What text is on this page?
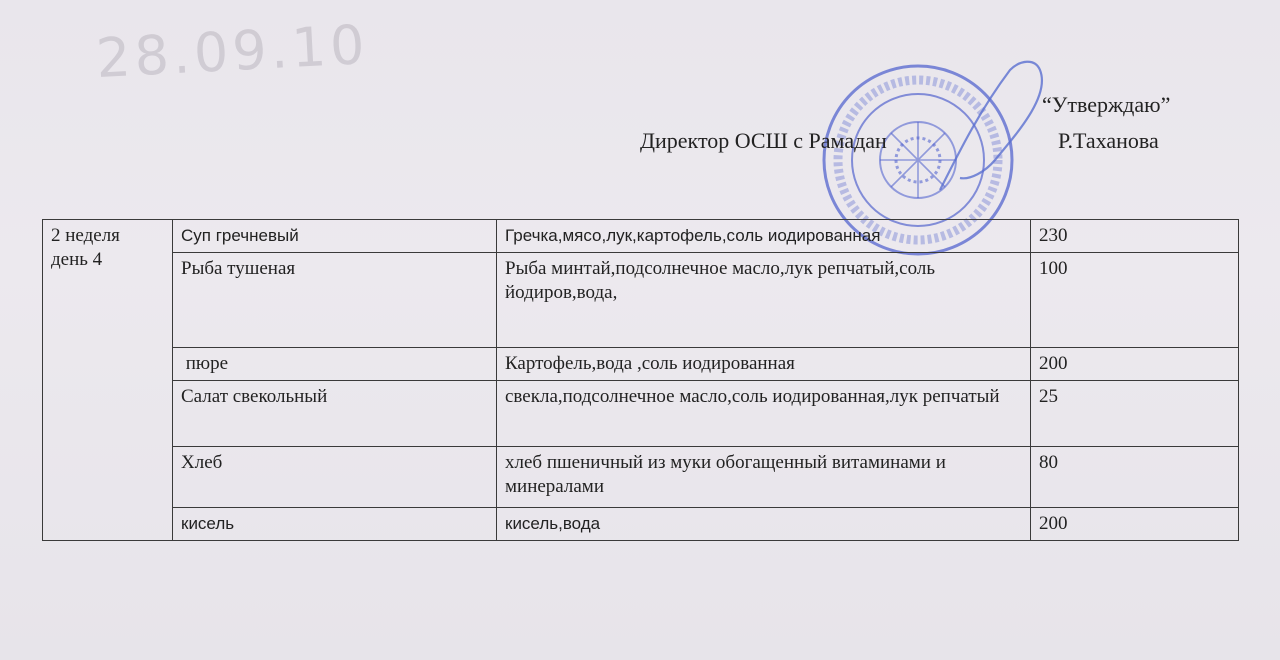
28.09.10
“Утверждаю”
Директор ОСШ с Рамадан	Р.Таханова
2 неделя
день 4	Суп гречневый	Гречка,мясо,лук,картофель,соль иодированная	230
	Рыба тушеная	Рыба минтай,подсолнечное масло,лук репчатый,соль йодиров,вода,	100
	пюре	Картофель,вода ,соль иодированная	200
	Салат свекольный	свекла,подсолнечное масло,соль иодированная,лук репчатый	25
	Хлеб	хлеб пшеничный из муки обогащенный витаминами и минералами	80
	кисель	кисель,вода	200
